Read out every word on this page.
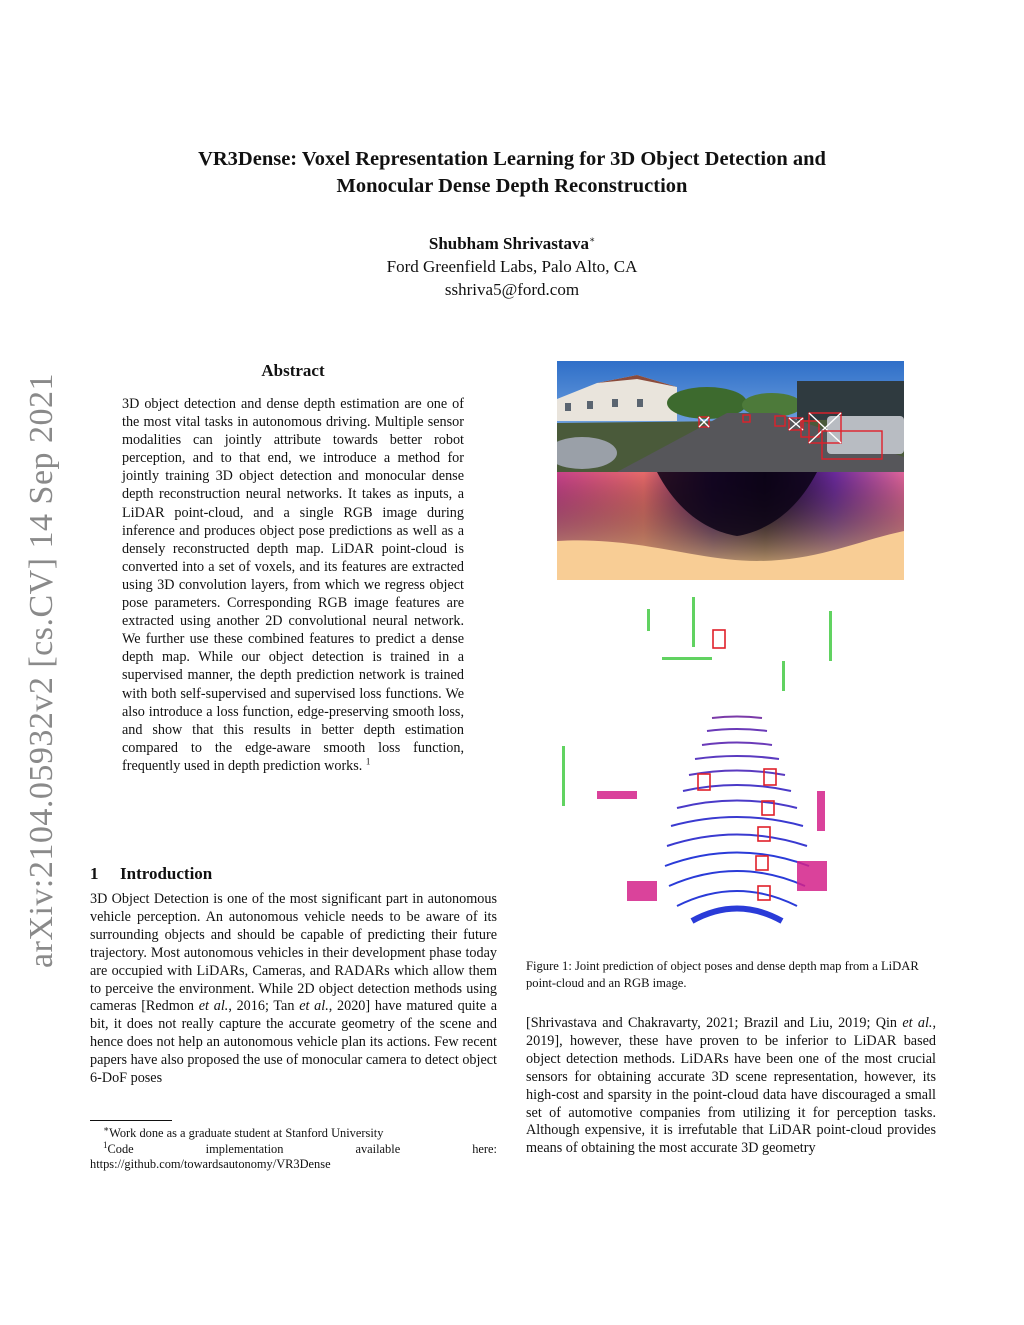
VR3Dense: Voxel Representation Learning for 3D Object Detection and
Monocular Dense Depth Reconstruction
Shubham Shrivastava∗
Ford Greenfield Labs, Palo Alto, CA
sshriva5@ford.com
arXiv:2104.05932v2 [cs.CV] 14 Sep 2021
Abstract
3D object detection and dense depth estimation are one of the most vital tasks in autonomous driving. Multiple sensor modalities can jointly attribute towards better robot perception, and to that end, we introduce a method for jointly training 3D object detection and monocular dense depth reconstruction neural networks. It takes as inputs, a LiDAR point-cloud, and a single RGB image during inference and produces object pose predictions as well as a densely reconstructed depth map. LiDAR point-cloud is converted into a set of voxels, and its features are extracted using 3D convolution layers, from which we regress object pose parameters. Corresponding RGB image features are extracted using another 2D convolutional neural network. We further use these combined features to predict a dense depth map. While our object detection is trained in a supervised manner, the depth prediction network is trained with both self-supervised and supervised loss functions. We also introduce a loss function, edge-preserving smooth loss, and show that this results in better depth estimation compared to the edge-aware smooth loss function, frequently used in depth prediction works. $^1$
1 Introduction
3D Object Detection is one of the most significant part in autonomous vehicle perception. An autonomous vehicle needs to be aware of its surrounding objects and should be capable of predicting their future trajectory. Most autonomous vehicles in their development phase today are occupied with LiDARs, Cameras, and RADARs which allow them to perceive the environment. While 2D object detection methods using cameras [Redmon et al., 2016; Tan et al., 2020] have matured quite a bit, it does not really capture the accurate geometry of the scene and hence does not help an autonomous vehicle plan its actions. Few recent papers have also proposed the use of monocular camera to detect object 6-DoF poses

∗Work done as a graduate student at Stanford University

$^1$Code implementation available here: https://github.com/towardsautonomy/VR3Dense

Figure 1: Joint prediction of object poses and dense depth map from a LiDAR point-cloud and an RGB image.
[Shrivastava and Chakravarty, 2021; Brazil and Liu, 2019; Qin et al., 2019], however, these have proven to be inferior to LiDAR based object detection methods. LiDARs have been one of the most crucial sensors for obtaining accurate 3D scene representation, however, its high-cost and sparsity in the point-cloud data have discouraged a small set of automotive companies from utilizing it for perception tasks. Although expensive, it is irrefutable that LiDAR point-cloud provides means of obtaining the most accurate 3D geometry
